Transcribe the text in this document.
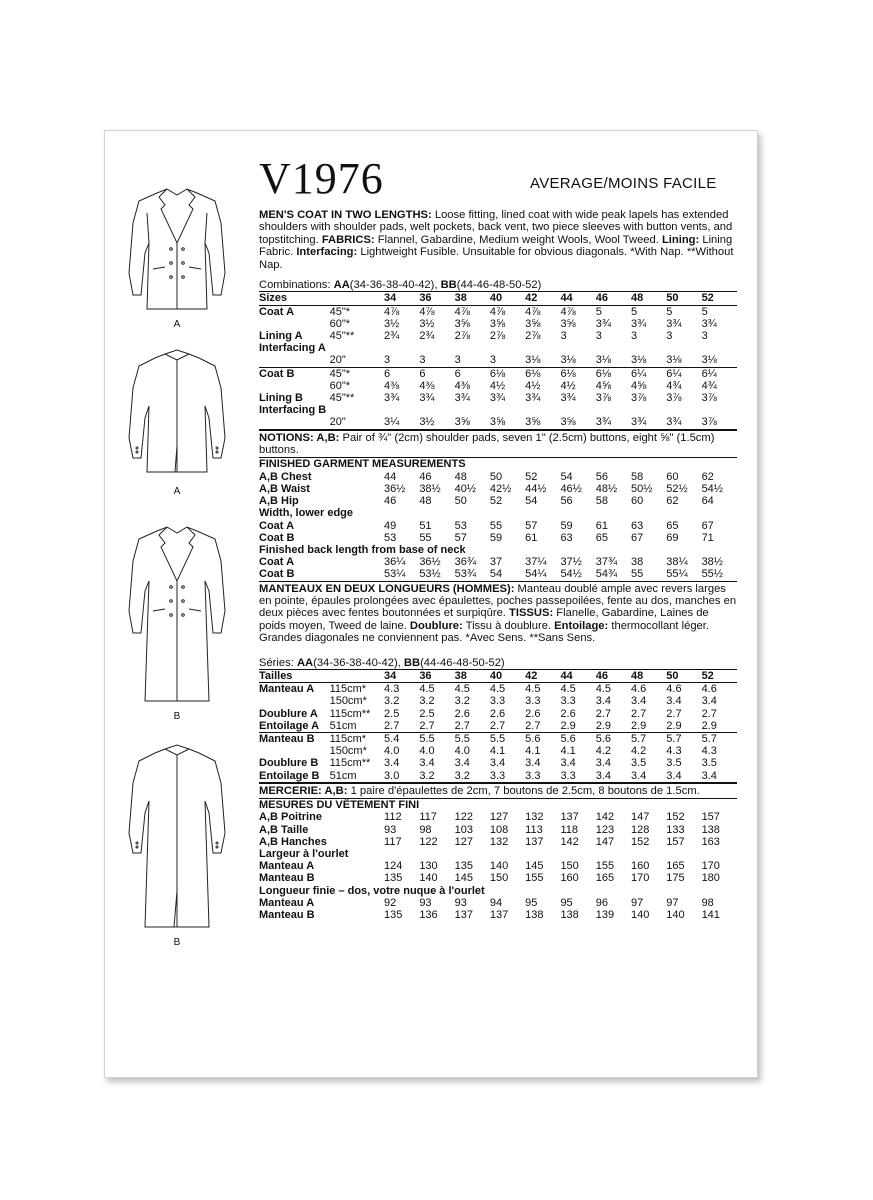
A
A
B
B
V1976	AVERAGE/MOINS FACILE

MEN'S COAT IN TWO LENGTHS: Loose fitting, lined coat with wide peak lapels has extended shoulders with shoulder pads, welt pockets, back vent, two piece sleeves with button vents, and topstitching. FABRICS: Flannel, Gabardine, Medium weight Wools, Wool Tweed. Lining: Lining Fabric. Interfacing: Lightweight Fusible. Unsuitable for obvious diagonals. *With Nap. **Without Nap.

Combinations: AA(34-36-38-40-42), BB(44-46-48-50-52)
Sizes		34	36	38	40	42	44	46	48	50	52
Coat A	45"*	4⅞	4⅞	4⅞	4⅞	4⅞	4⅞	5	5	5	5
	60"*	3½	3½	3⅝	3⅝	3⅝	3⅝	3¾	3¾	3¾	3¾
Lining A	45"**	2¾	2¾	2⅞	2⅞	2⅞	3	3	3	3	3
Interfacing A											
	20"	3	3	3	3	3⅛	3⅛	3⅛	3⅛	3⅛	3⅛
Coat B	45"*	6	6	6	6⅛	6⅛	6⅛	6⅛	6¼	6¼	6¼
	60"*	4⅜	4⅜	4⅜	4½	4½	4½	4⅝	4⅝	4¾	4¾
Lining B	45"**	3¾	3¾	3¾	3¾	3¾	3¾	3⅞	3⅞	3⅞	3⅞
Interfacing B											
	20"	3¼	3½	3⅝	3⅝	3⅝	3⅝	3¾	3¾	3¾	3⅞
NOTIONS: A,B: Pair of ¾" (2cm) shoulder pads, seven 1" (2.5cm) buttons, eight ⅝" (1.5cm) buttons.
FINISHED GARMENT MEASUREMENTS										
A,B Chest	44	46	48	50	52	54	56	58	60	62
A,B Waist	36½	38½	40½	42½	44½	46½	48½	50½	52½	54½
A,B Hip	46	48	50	52	54	56	58	60	62	64
Width, lower edge										
Coat A	49	51	53	55	57	59	61	63	65	67
Coat B	53	55	57	59	61	63	65	67	69	71
Finished back length from base of neck										
Coat A	36¼	36½	36¾	37	37¼	37½	37¾	38	38¼	38½
Coat B	53¼	53½	53¾	54	54¼	54½	54¾	55	55¼	55½

MANTEAUX EN DEUX LONGUEURS (HOMMES): Manteau doublé ample avec revers larges en pointe, épaules prolongées avec épaulettes, poches passepoilées, fente au dos, manches en deux pièces avec fentes boutonnées et surpiqûre. TISSUS: Flanelle, Gabardine, Laines de poids moyen, Tweed de laine. Doublure: Tissu à doublure. Entoilage: thermocollant léger. Grandes diagonales ne conviennent pas. *Avec Sens. **Sans Sens.

Séries: AA(34-36-38-40-42), BB(44-46-48-50-52)
Tailles		34	36	38	40	42	44	46	48	50	52
Manteau A	115cm*	4.3	4.5	4.5	4.5	4.5	4.5	4.5	4.6	4.6	4.6
	150cm*	3.2	3.2	3.2	3.3	3.3	3.3	3.4	3.4	3.4	3.4
Doublure A	115cm**	2.5	2.5	2.6	2.6	2.6	2.6	2.7	2.7	2.7	2.7
Entoilage A	51cm	2.7	2.7	2.7	2.7	2.7	2.9	2.9	2.9	2.9	2.9
Manteau B	115cm*	5.4	5.5	5.5	5.5	5.6	5.6	5.6	5.7	5.7	5.7
	150cm*	4.0	4.0	4.0	4.1	4.1	4.1	4.2	4.2	4.3	4.3
Doublure B	115cm**	3.4	3.4	3.4	3.4	3.4	3.4	3.4	3.5	3.5	3.5
Entoilage B	51cm	3.0	3.2	3.2	3.3	3.3	3.3	3.4	3.4	3.4	3.4
MERCERIE: A,B: 1 paire d'épaulettes de 2cm, 7 boutons de 2.5cm, 8 boutons de 1.5cm.
MESURES DU VÊTEMENT FINI										
A,B Poitrine	112	117	122	127	132	137	142	147	152	157
A,B Taille	93	98	103	108	113	118	123	128	133	138
A,B Hanches	117	122	127	132	137	142	147	152	157	163
Largeur à l'ourlet										
Manteau A	124	130	135	140	145	150	155	160	165	170
Manteau B	135	140	145	150	155	160	165	170	175	180
Longueur finie – dos, votre nuque à l'ourlet										
Manteau A	92	93	93	94	95	95	96	97	97	98
Manteau B	135	136	137	137	138	138	139	140	140	141
